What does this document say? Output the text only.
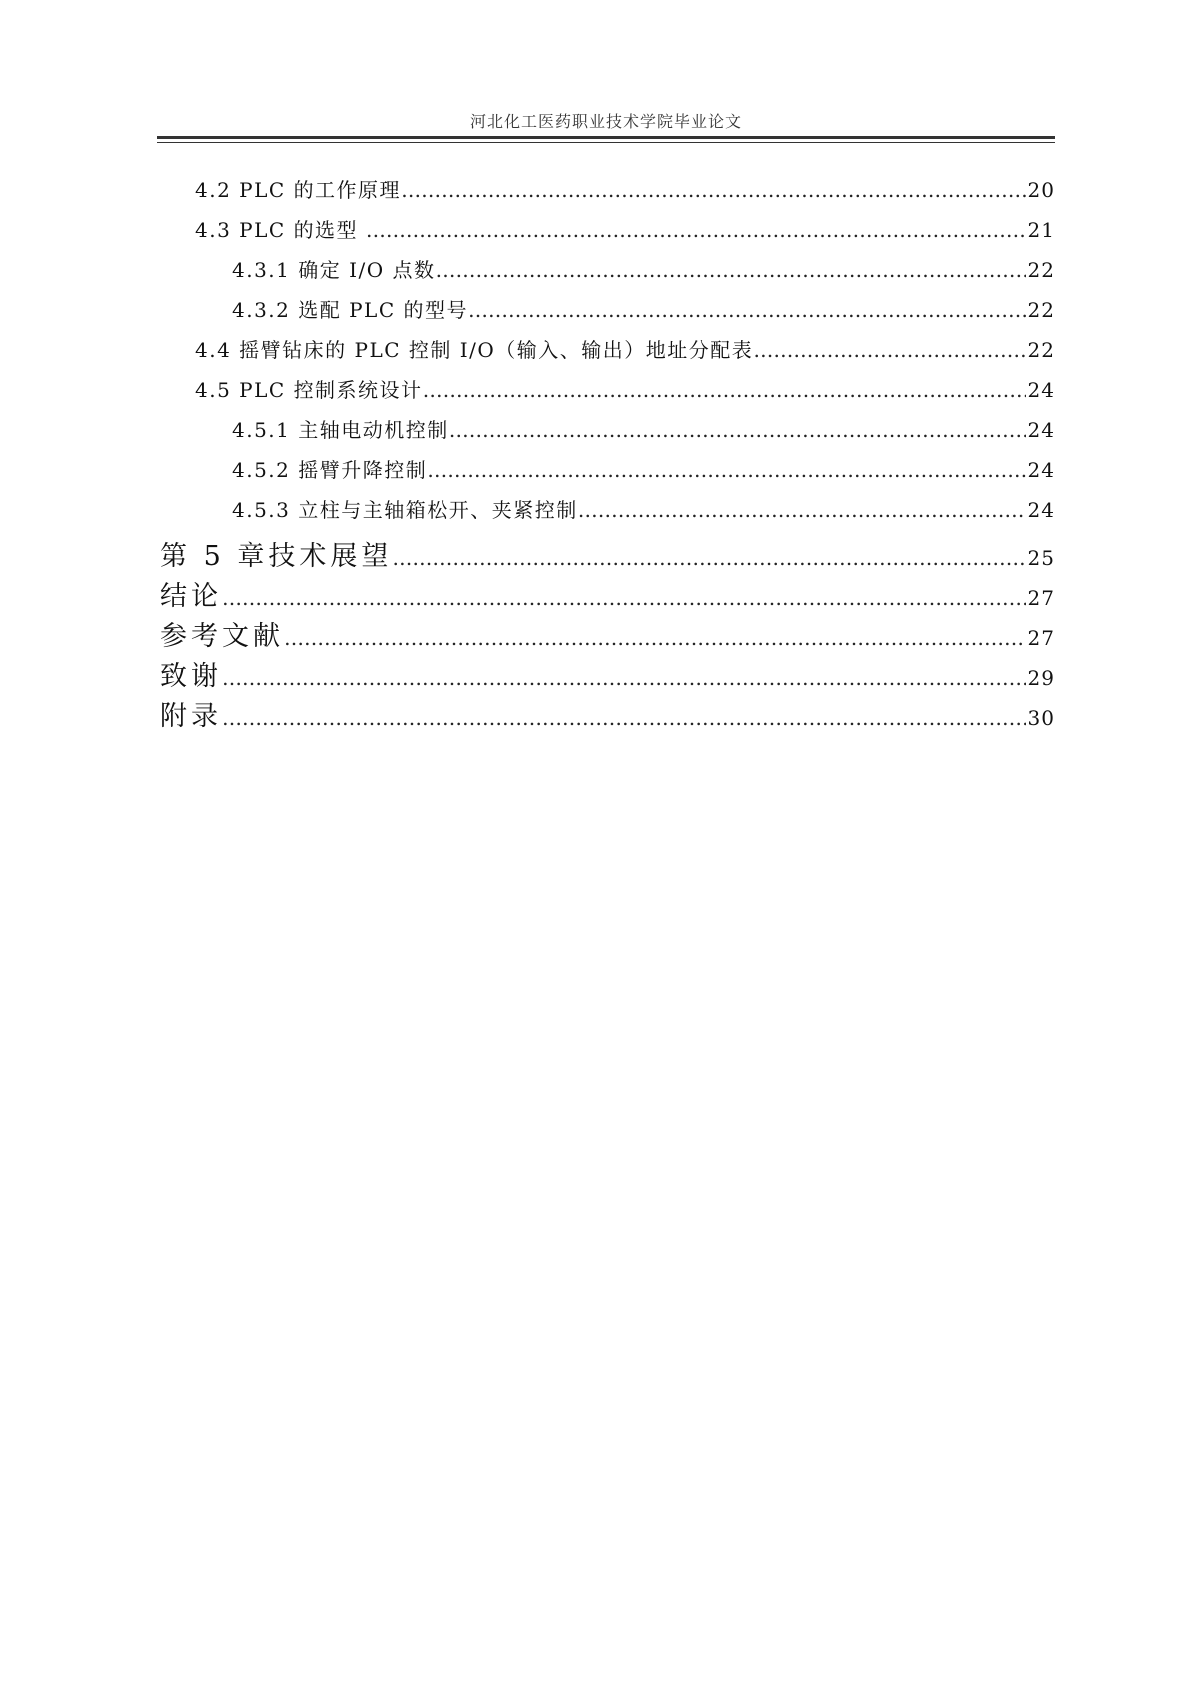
河北化工医药职业技术学院毕业论文
4.2 PLC 的工作原理 ……………………………………………………………………………………………………………………………………………………………………………………	20
4.3 PLC 的选型 ……………………………………………………………………………………………………………………………………………………………………………………	21
4.3.1 确定 I/O 点数 ……………………………………………………………………………………………………………………………………………………………………………………	22
4.3.2 选配 PLC 的型号 ……………………………………………………………………………………………………………………………………………………………………………………	22
4.4 摇臂钻床的 PLC 控制 I/O（输入、输出）地址分配表 ……………………………………………………………………………………………………………………………………………………………………………………	22
4.5 PLC 控制系统设计 ……………………………………………………………………………………………………………………………………………………………………………………	24
4.5.1 主轴电动机控制 ……………………………………………………………………………………………………………………………………………………………………………………	24
4.5.2 摇臂升降控制 ……………………………………………………………………………………………………………………………………………………………………………………	24
4.5.3 立柱与主轴箱松开、夹紧控制 ……………………………………………………………………………………………………………………………………………………………………………………	24
第 5 章技术展望 ……………………………………………………………………………………………………………………………………………………………………………………	25
结论 ……………………………………………………………………………………………………………………………………………………………………………………	27
参考文献 ……………………………………………………………………………………………………………………………………………………………………………………	27
致谢 ……………………………………………………………………………………………………………………………………………………………………………………	29
附录 ……………………………………………………………………………………………………………………………………………………………………………………	30
